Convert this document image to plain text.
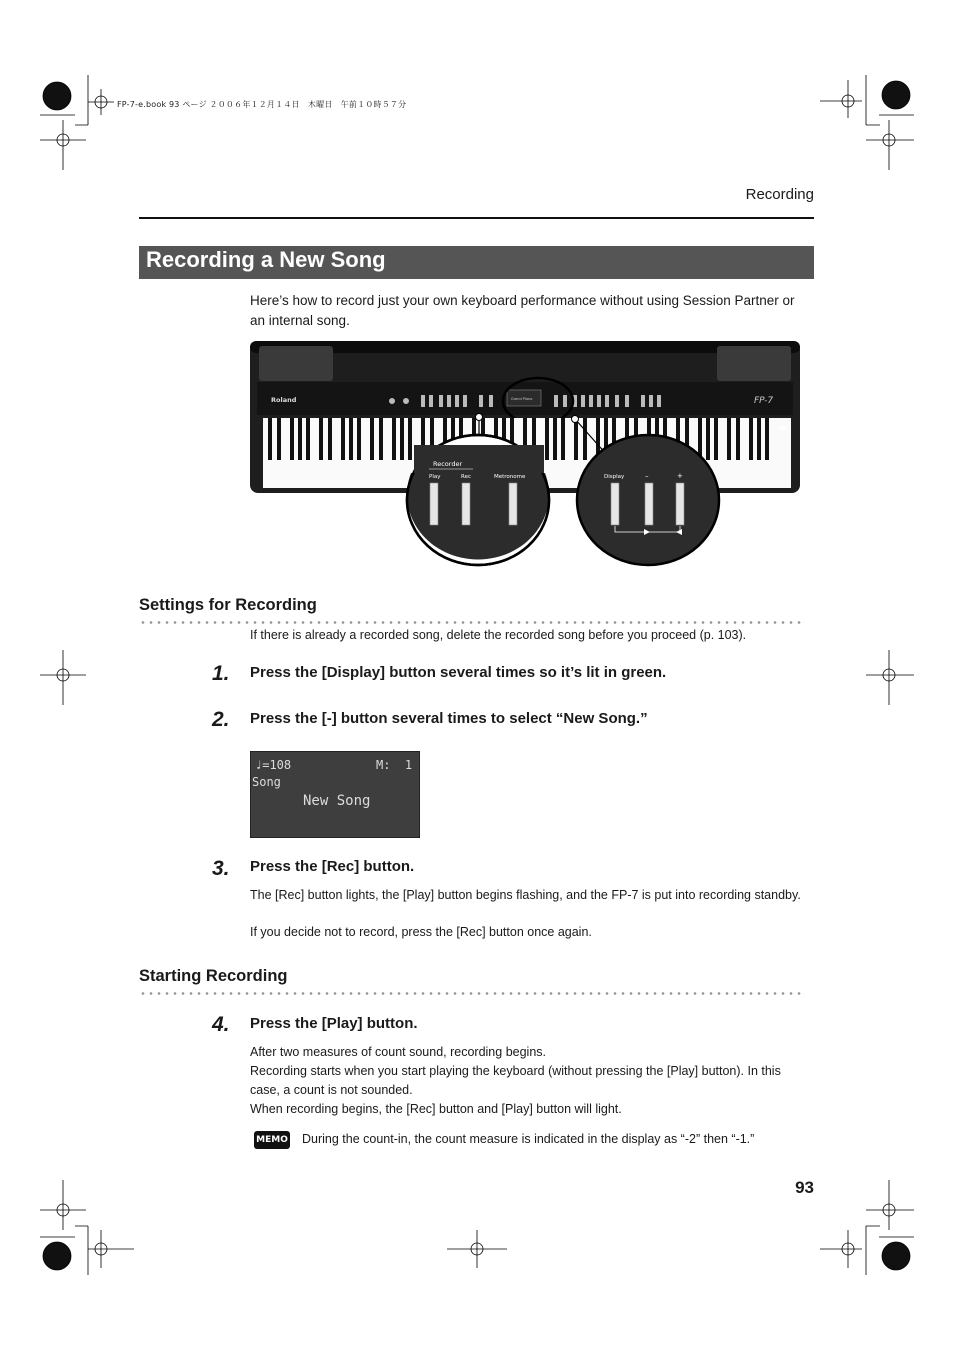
FP-7-e.book 93 ページ ２００６年１２月１４日　木曜日　午前１０時５７分
Recording
Recording a New Song
Here’s how to record just your own keyboard performance without using Session Partner or an internal song.
Roland	FP-7
Grand Piano
Recorder
Play	Rec	Metronome	Display	–	+
Settings for Recording
If there is already a recorded song, delete the recorded song before you proceed (p. 103).
1. Press the [Display] button several times so it’s lit in green.
2. Press the [-] button several times to select “New Song.”
♩=108	M:  1
Song
New Song
3. Press the [Rec] button.
The [Rec] button lights, the [Play] button begins flashing, and the FP-7 is put into recording standby.
If you decide not to record, press the [Rec] button once again.
Starting Recording
4. Press the [Play] button.
After two measures of count sound, recording begins.
Recording starts when you start playing the keyboard (without pressing the [Play] button). In this case, a count is not sounded.
When recording begins, the [Rec] button and [Play] button will light.
MEMO During the count-in, the count measure is indicated in the display as “-2” then “-1.”
93
